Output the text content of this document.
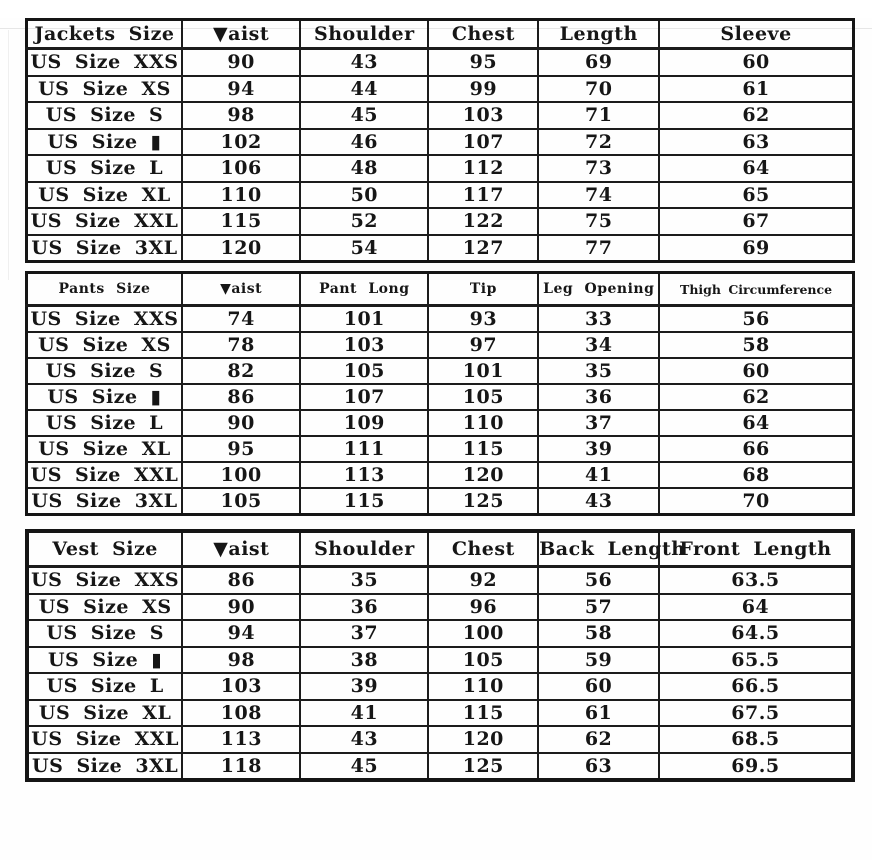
Jackets Size	▼aist	Shoulder	Chest	Length	Sleeve
US Size XXS	90	43	95	69	60
US Size XS	94	44	99	70	61
US Size S	98	45	103	71	62
US Size ▮	102	46	107	72	63
US Size L	106	48	112	73	64
US Size XL	110	50	117	74	65
US Size XXL	115	52	122	75	67
US Size 3XL	120	54	127	77	69
Pants Size	▼aist	Pant Long	Tip	Leg Opening	Thigh Circumference
US Size XXS	74	101	93	33	56
US Size XS	78	103	97	34	58
US Size S	82	105	101	35	60
US Size ▮	86	107	105	36	62
US Size L	90	109	110	37	64
US Size XL	95	111	115	39	66
US Size XXL	100	113	120	41	68
US Size 3XL	105	115	125	43	70
Vest Size	▼aist	Shoulder	Chest	Back Length	Front Length
US Size XXS	86	35	92	56	63.5
US Size XS	90	36	96	57	64
US Size S	94	37	100	58	64.5
US Size ▮	98	38	105	59	65.5
US Size L	103	39	110	60	66.5
US Size XL	108	41	115	61	67.5
US Size XXL	113	43	120	62	68.5
US Size 3XL	118	45	125	63	69.5
